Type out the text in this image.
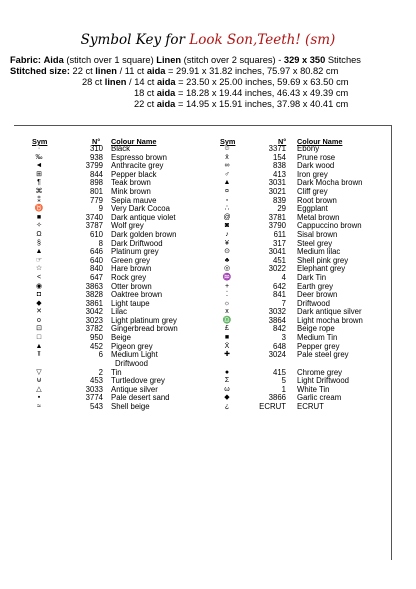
Symbol Key for Look Son,Teeth! (sm)
Fabric: Aida (stitch over 1 square) Linen (stitch over 2 squares) - 329 x 350 Stitches
Stitched size: 22 ct linen / 11 ct aida = 29.91 x 31.82 inches, 75.97 x 80.82 cm
28 ct linen / 14 ct aida = 23.50 x 25.00 inches, 59.69 x 63.50 cm
18 ct aida = 18.28 x 19.44 inches, 46.43 x 49.39 cm
22 ct aida = 14.95 x 15.91 inches, 37.98 x 40.41 cm
Sym	N° Colour Name	Sym	N° Colour Name
·	310 Black	☺	3371 Ebony
‰	938 Espresso brown	ẍ	154 Prune rose
◄	3799 Anthracite grey	∞	838 Dark wood
⊞	844 Pepper black	♂	413 Iron grey
¶	898 Teak brown	▲	3031 Dark Mocha brown
⌘	801 Mink brown	¤	3021 Cliff grey
⁑	779 Sepia mauve	▫	839 Root brown
♉	9 Very Dark Cocoa	∴	29 Eggplant
■	3740 Dark antique violet	@	3781 Metal brown
✧	3787 Wolf grey	◙	3790 Cappuccino brown
Ω	610 Dark golden brown	♪	611 Sisal brown
§	8 Dark Driftwood	¥	317 Steel grey
▲	646 Platinum grey	⊙	3041 Medium lilac
☞	640 Green grey	♣	451 Shell pink grey
☆	840 Hare brown	◎	3022 Elephant grey
<	647 Rock grey	♒	4 Dark Tin
◉	3863 Otter brown	+	642 Earth grey
◘	3828 Oaktree brown	⁚	841 Deer brown
◆	3861 Light taupe	☼	7 Driftwood
✕	3042 Lilac	x	3032 Dark antique silver
ο	3023 Light platinum grey	♎	3864 Light mocha brown
⊡	3782 Gingerbread brown	£	842 Beige rope
□	950 Beige	■	3 Medium Tin
▲	452 Pigeon grey	Ẍ	648 Pepper grey
⫪	6 Medium Light	✚	3024 Pale steel grey
Driftwood
▽	2 Tin	●	415 Chrome grey
⊎	453 Turtledove grey	Σ	5 Light Driftwood
△	3033 Antique silver	ω	1 White Tin
▪	3774 Pale desert sand	◆	3866 Garlic cream
≈	543 Shell beige	¿	ECRUT ECRUT
